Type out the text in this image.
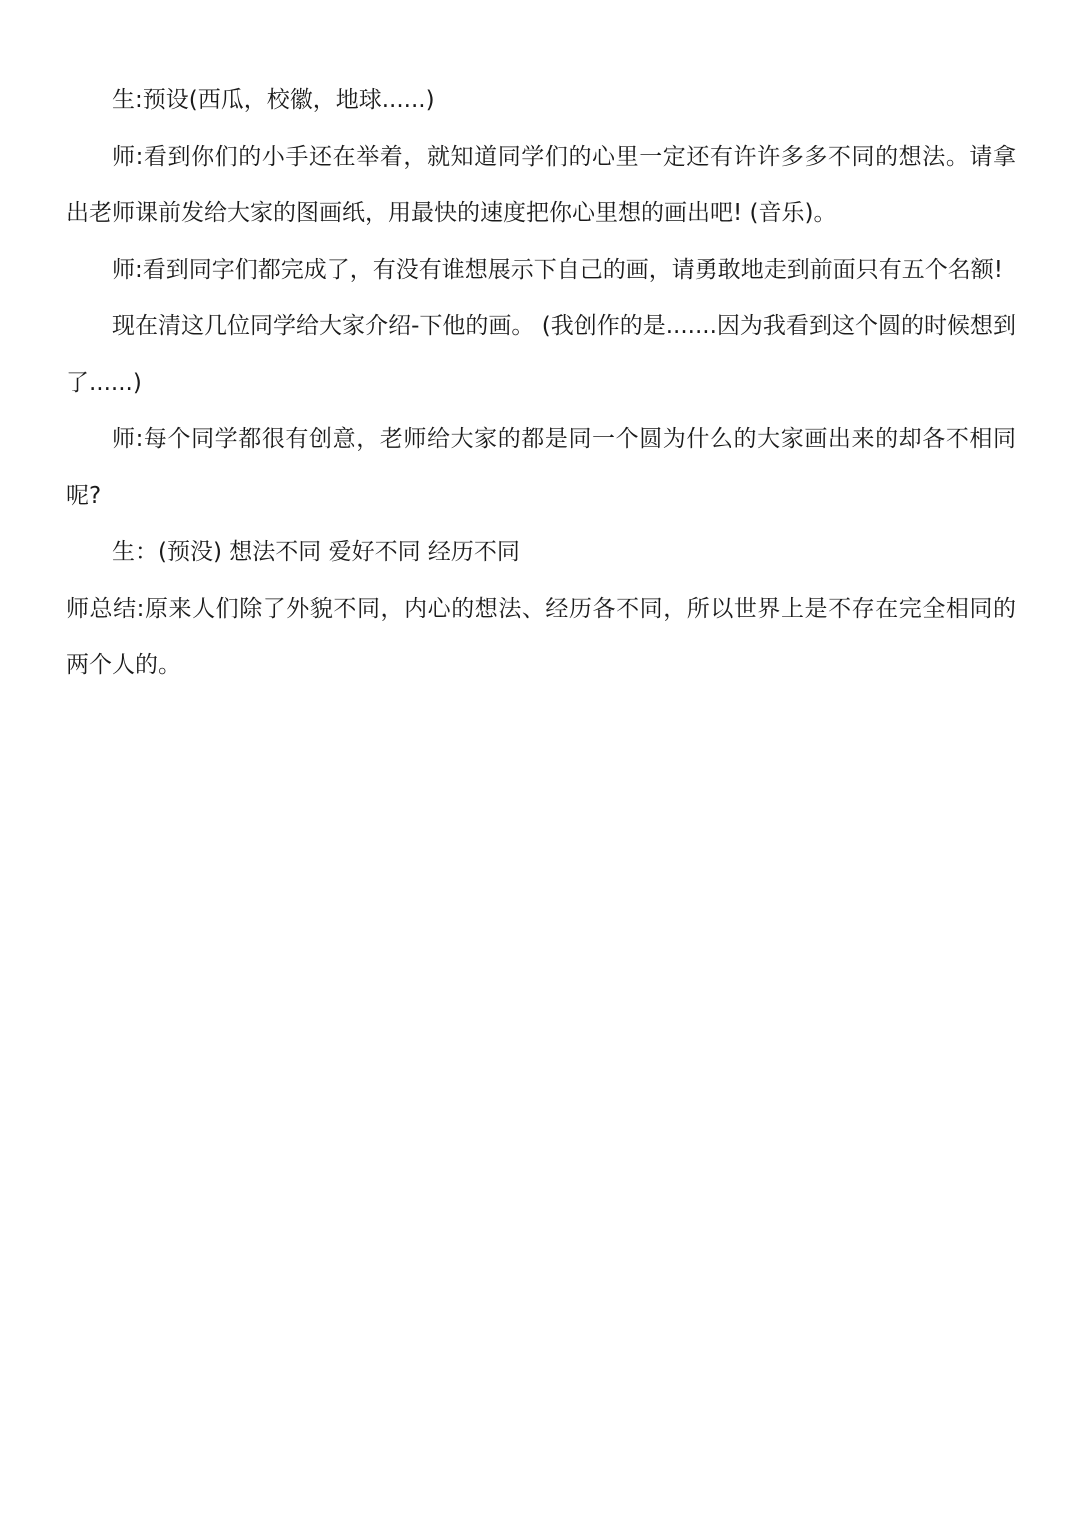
生:预设(西瓜，校徽，地球......)

师:看到你们的小手还在举着，就知道同学们的心里一定还有许许多多不同的想法。请拿出老师课前发给大家的图画纸，用最快的速度把你心里想的画出吧! (音乐)。

师:看到同字们都完成了，有没有谁想展示下自己的画，请勇敢地走到前面只有五个名额!

现在清这几位同学给大家介绍-下他的画。 (我创作的是.......因为我看到这个圆的时候想到了......)

师:每个同学都很有创意，老师给大家的都是同一个圆为什么的大家画出来的却各不相同呢?

生：(预没) 想法不同 爱好不同 经历不同

师总结:原来人们除了外貌不同，内心的想法、经历各不同，所以世界上是不存在完全相同的两个人的。
